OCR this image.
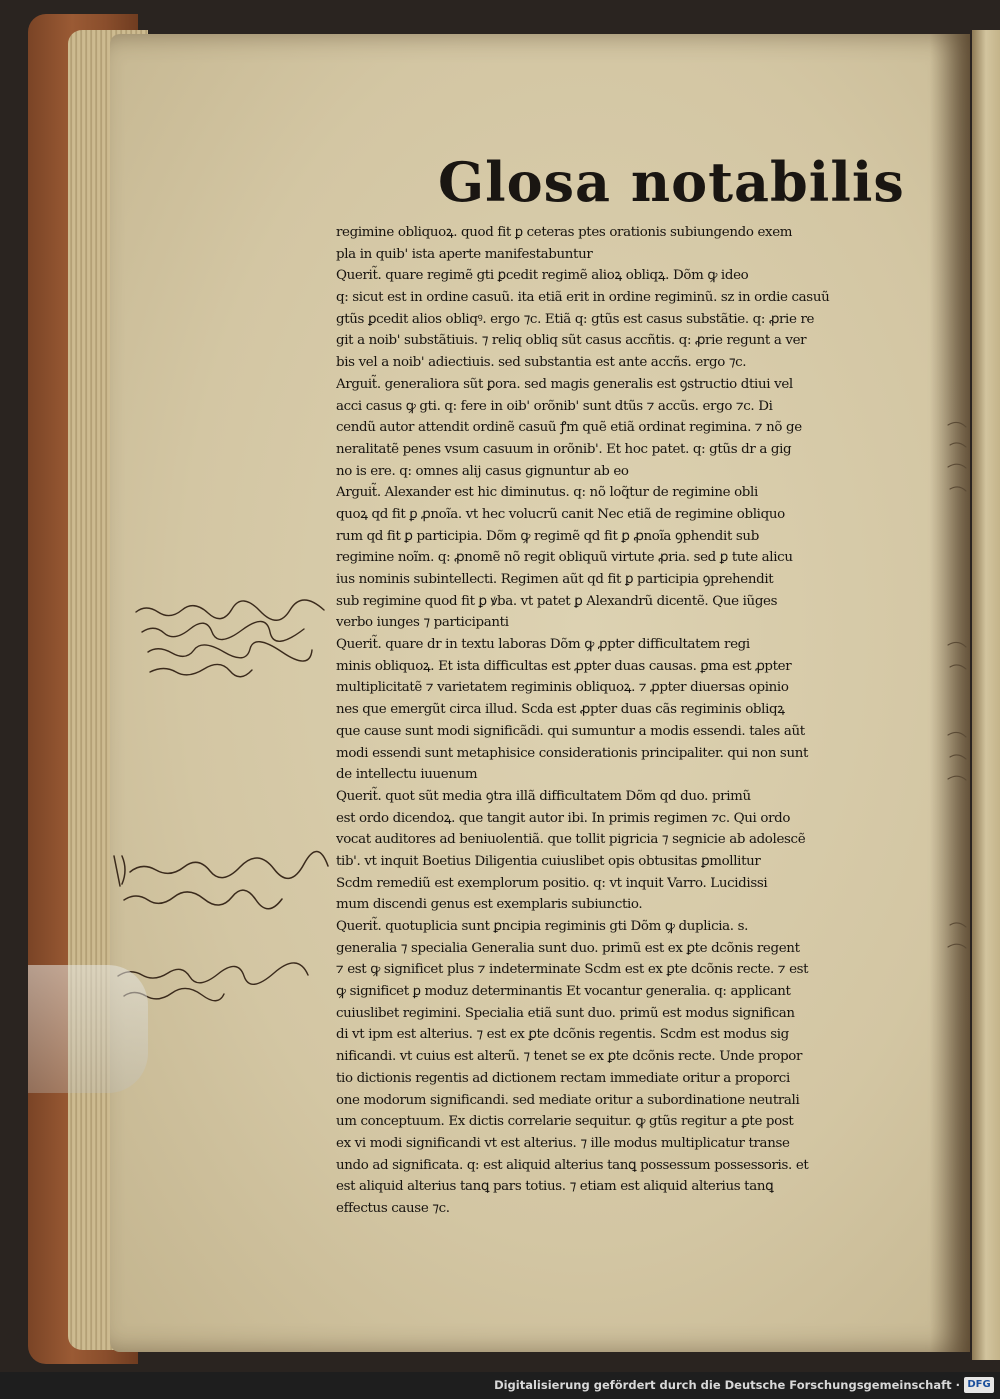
Glosa notabilis
regimine obliquoꝝ. quod fit ꝑ ceteras ptes orationis subiungendo exem
pla in quib' ista aperte manifestabuntur
Querit̃. quare regimẽ gti ꝑcedit regimẽ alioꝝ obliqꝝ. Dõm ꝙ ideo
q: sicut est in ordine casuũ. ita etiã erit in ordine regiminũ. sz in ordie casuũ
gtũs ꝑcedit alios obliqꝰ. ergo ⁊c. Etiã q: gtũs est casus substãtie. q: ꝓrie re
git a noib' substãtiuis. ⁊ reliq obliq sũt casus accñtis. q: ꝓrie regunt a ver
bis vel a noib' adiectiuis. sed substantia est ante accñs. ergo ⁊c.
Arguit̃. generaliora sũt ꝑora. sed magis generalis est ꝯstructio dtiui vel
acci casus ꝙ gti. q: fere in oib' orõnib' sunt dtũs ⁊ accũs. ergo ⁊c. Di
cendũ autor attendit ordinẽ casuũ ꝭm quẽ etiã ordinat regimina. ⁊ nõ ge
neralitatẽ penes vsum casuum in orõnib'. Et hoc patet. q: gtũs dr a gig
no is ere. q: omnes alij casus gignuntur ab eo
Arguit̃. Alexander est hic diminutus. q: nõ loq̃tur de regimine obli
quoꝝ qd fit ꝑ ꝓnoĩa. vt hec volucrũ canit Nec etiã de regimine obliquo
rum qd fit ꝑ participia. Dõm ꝙ regimẽ qd fit ꝑ ꝓnoĩa ꝯphendit sub
regimine noĩm. q: ꝓnomẽ nõ regit obliquũ virtute ꝓria. sed ꝑ tute alicu
ius nominis subintellecti. Regimen aũt qd fit ꝑ participia ꝯprehendit
sub regimine quod fit ꝑ ꝟba. vt patet ꝑ Alexandrũ dicentẽ. Que iũges
verbo iunges ⁊ participanti
Querit̃. quare dr in textu laboras Dõm ꝙ ꝓpter difficultatem regi
minis obliquoꝝ. Et ista difficultas est ꝓpter duas causas. ꝑma est ꝓpter
multiplicitatẽ ⁊ varietatem regiminis obliquoꝝ. ⁊ ꝓpter diuersas opinio
nes que emergũt circa illud. Scda est ꝓpter duas cãs regiminis obliqꝝ
que cause sunt modi significãdi. qui sumuntur a modis essendi. tales aũt
modi essendi sunt metaphisice considerationis principaliter. qui non sunt
de intellectu iuuenum
Querit̃. quot sũt media ꝯtra illã difficultatem Dõm qd duo. primũ
est ordo dicendoꝝ. que tangit autor ibi. In primis regimen ⁊c. Qui ordo
vocat auditores ad beniuolentiã. que tollit pigricia ⁊ segnicie ab adolescẽ
tib'. vt inquit Boetius Diligentia cuiuslibet opis obtusitas ꝑmollitur
Scdm remediũ est exemplorum positio. q: vt inquit Varro. Lucidissi
mum discendi genus est exemplaris subiunctio.
Querit̃. quotuplicia sunt ꝑncipia regiminis gti Dõm ꝙ duplicia. s.
generalia ⁊ specialia Generalia sunt duo. primũ est ex ꝑte dcõnis regent
⁊ est ꝙ significet plus ⁊ indeterminate Scdm est ex ꝑte dcõnis recte. ⁊ est
ꝙ significet ꝑ moduz determinantis Et vocantur generalia. q: applicant
cuiuslibet regimini. Specialia etiã sunt duo. primũ est modus significan
di vt ipm est alterius. ⁊ est ex ꝑte dcõnis regentis. Scdm est modus sig
nificandi. vt cuius est alterũ. ⁊ tenet se ex ꝑte dcõnis recte. Unde propor
tio dictionis regentis ad dictionem rectam immediate oritur a proporci
one modorum significandi. sed mediate oritur a subordinatione neutrali
um conceptuum. Ex dictis correlarie sequitur. ꝙ gtũs regitur a ꝑte post
ex vi modi significandi vt est alterius. ⁊ ille modus multiplicatur transe
undo ad significata. q: est aliquid alterius tanꝗ possessum possessoris. et
est aliquid alterius tanꝗ pars totius. ⁊ etiam est aliquid alterius tanꝗ
effectus cause ⁊c.
Digitalisierung gefördert durch die Deutsche Forschungsgemeinschaft · DFG
